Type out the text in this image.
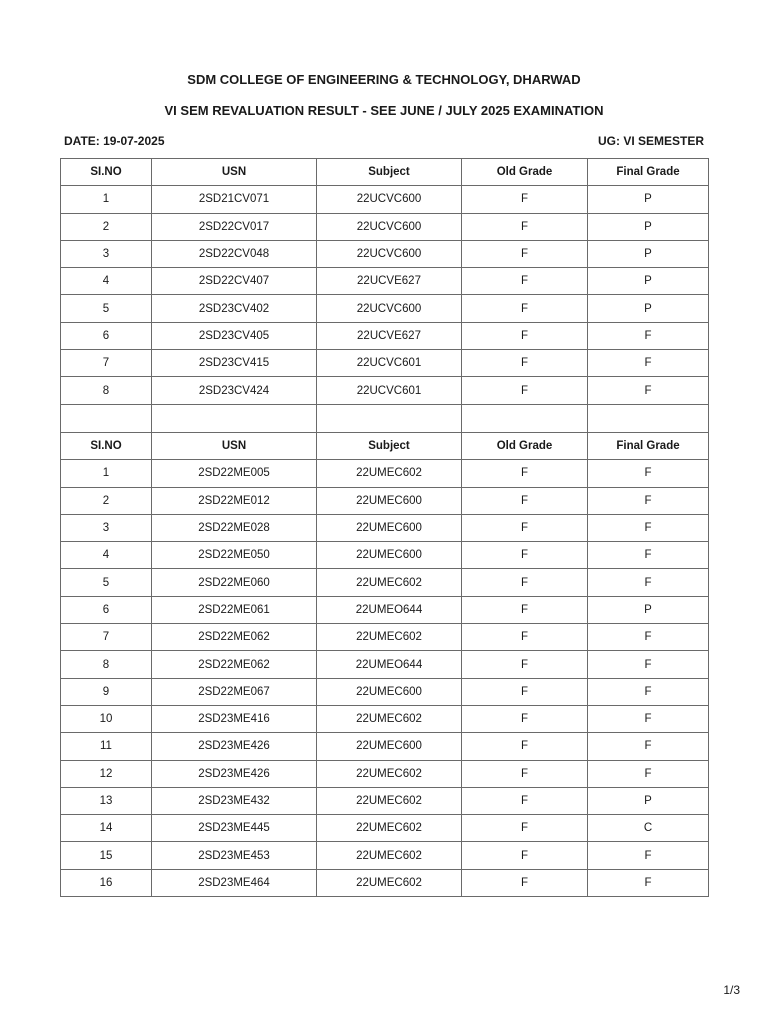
SDM COLLEGE OF ENGINEERING & TECHNOLOGY, DHARWAD
VI SEM REVALUATION RESULT - SEE JUNE / JULY 2025 EXAMINATION
DATE: 19-07-2025	UG: VI SEMESTER
SI.NO	USN	Subject	Old Grade	Final Grade
1	2SD21CV071	22UCVC600	F	P
2	2SD22CV017	22UCVC600	F	P
3	2SD22CV048	22UCVC600	F	P
4	2SD22CV407	22UCVE627	F	P
5	2SD23CV402	22UCVC600	F	P
6	2SD23CV405	22UCVE627	F	F
7	2SD23CV415	22UCVC601	F	F
8	2SD23CV424	22UCVC601	F	F

SI.NO	USN	Subject	Old Grade	Final Grade
1	2SD22ME005	22UMEC602	F	F
2	2SD22ME012	22UMEC600	F	F
3	2SD22ME028	22UMEC600	F	F
4	2SD22ME050	22UMEC600	F	F
5	2SD22ME060	22UMEC602	F	F
6	2SD22ME061	22UMEO644	F	P
7	2SD22ME062	22UMEC602	F	F
8	2SD22ME062	22UMEO644	F	F
9	2SD22ME067	22UMEC600	F	F
10	2SD23ME416	22UMEC602	F	F
11	2SD23ME426	22UMEC600	F	F
12	2SD23ME426	22UMEC602	F	F
13	2SD23ME432	22UMEC602	F	P
14	2SD23ME445	22UMEC602	F	C
15	2SD23ME453	22UMEC602	F	F
16	2SD23ME464	22UMEC602	F	F
1/3
